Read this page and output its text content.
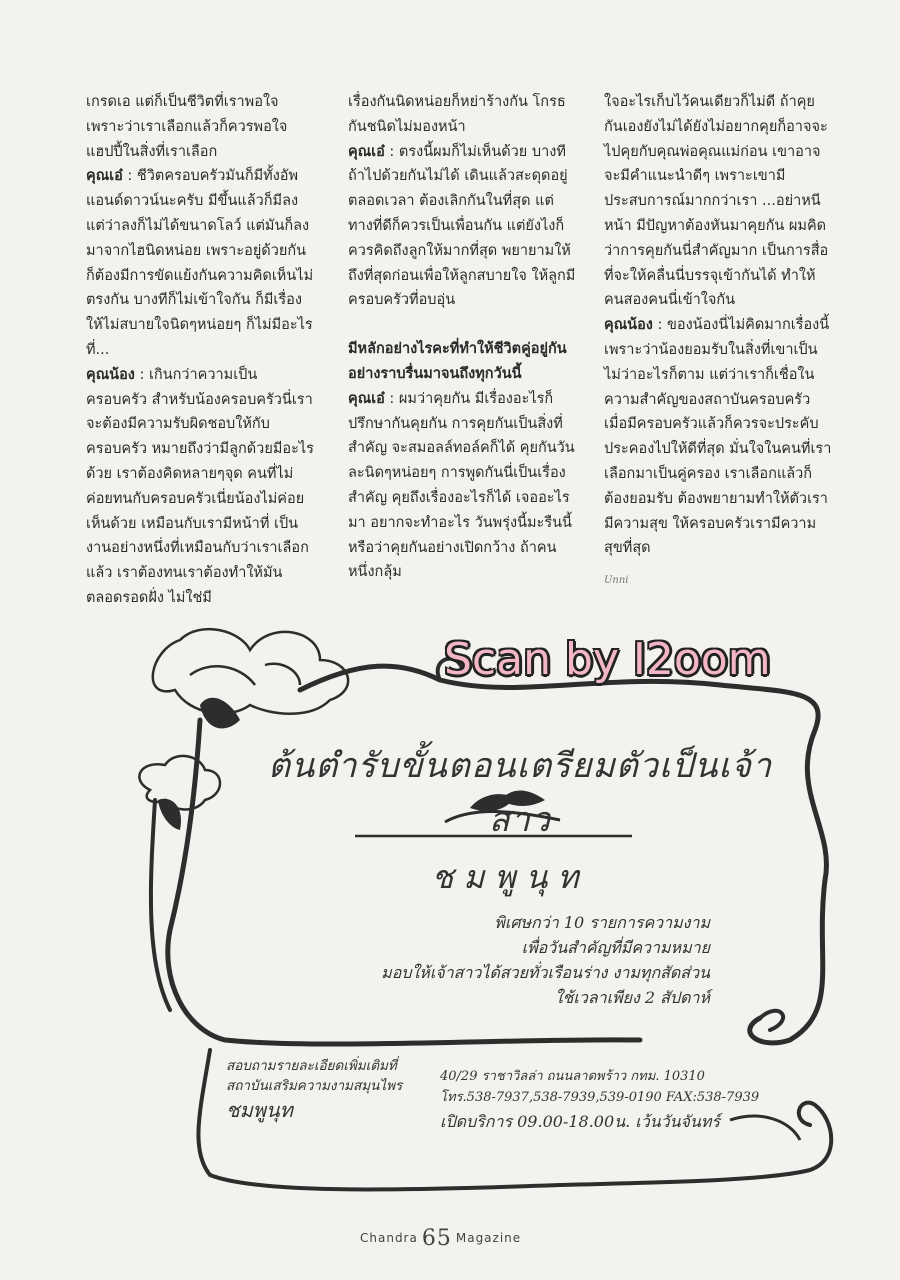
เกรดเอ แต่ก็เป็นชีวิตที่เราพอใจ เพราะว่าเราเลือกแล้วก็ควรพอใจ แฮปปี้ในสิ่งที่เราเลือก

คุณเอ๋ : ชีวิตครอบครัวมันก็มีทั้งอัพแอนด์ดาวน์นะครับ มีขึ้นแล้วก็มีลง แต่ว่าลงก็ไม่ได้ขนาดโลว์ แต่มันก็ลงมาจากไฮนิดหน่อย เพราะอยู่ด้วยกันก็ต้องมีการขัดแย้งกันความคิดเห็นไม่ตรงกัน บางทีก็ไม่เข้าใจกัน ก็มีเรื่องให้ไม่สบายใจนิดๆหน่อยๆ ก็ไม่มีอะไรที่...

คุณน้อง : เกินกว่าความเป็นครอบครัว สำหรับน้องครอบครัวนี่เราจะต้องมีความรับผิดชอบให้กับครอบครัว หมายถึงว่ามีลูกด้วยมีอะไรด้วย เราต้องคิดหลายๆจุด คนที่ไม่ค่อยทนกับครอบครัวเนี่ยน้องไม่ค่อยเห็นด้วย เหมือนกับเรามีหน้าที่ เป็นงานอย่างหนึ่งที่เหมือนกับว่าเราเลือกแล้ว เราต้องทนเราต้องทำให้มันตลอดรอดฝั่ง ไม่ใช่มี

เรื่องกันนิดหน่อยก็หย่าร้างกัน โกรธกันชนิดไม่มองหน้า

คุณเอ๋ : ตรงนี้ผมก็ไม่เห็นด้วย บางทีถ้าไปด้วยกันไม่ได้ เดินแล้วสะดุดอยู่ตลอดเวลา ต้องเลิกกันในที่สุด แต่ทางที่ดีก็ควรเป็นเพื่อนกัน แต่ยังไงก็ควรคิดถึงลูกให้มากที่สุด พยายามให้ถึงที่สุดก่อนเพื่อให้ลูกสบายใจ ให้ลูกมีครอบครัวที่อบอุ่น

มีหลักอย่างไรคะที่ทำให้ชีวิตคู่อยู่กันอย่างราบรื่นมาจนถึงทุกวันนี้

คุณเอ๋ : ผมว่าคุยกัน มีเรื่องอะไรก็ปรึกษากันคุยกัน การคุยกันเป็นสิ่งที่สำคัญ จะสมอลล์ทอล์คก็ได้ คุยกันวันละนิดๆหน่อยๆ การพูดกันนี่เป็นเรื่องสำคัญ คุยถึงเรื่องอะไรก็ได้ เจออะไรมา อยากจะทำอะไร วันพรุ่งนี้มะรืนนี้หรือว่าคุยกันอย่างเปิดกว้าง ถ้าคนหนึ่งกลุ้ม

ใจอะไรเก็บไว้คนเดียวก็ไม่ดี ถ้าคุยกันเองยังไม่ได้ยังไม่อยากคุยก็อาจจะไปคุยกับคุณพ่อคุณแม่ก่อน เขาอาจจะมีคำแนะนำดีๆ เพราะเขามีประสบการณ์มากกว่าเรา ...อย่าหนีหน้า มีปัญหาต้องหันมาคุยกัน ผมคิดว่าการคุยกันนี่สำคัญมาก เป็นการสื่อที่จะให้คลื่นนี่บรรจุเข้ากันได้ ทำให้คนสองคนนี่เข้าใจกัน

คุณน้อง : ของน้องนี่ไม่คิดมากเรื่องนี้ เพราะว่าน้องยอมรับในสิ่งที่เขาเป็นไม่ว่าอะไรก็ตาม แต่ว่าเราก็เชื่อในความสำคัญของสถาบันครอบครัว เมื่อมีครอบครัวแล้วก็ควรจะประคับประคองไปให้ดีที่สุด มั่นใจในคนที่เราเลือกมาเป็นคู่ครอง เราเลือกแล้วก็ต้องยอมรับ ต้องพยายามทำให้ตัวเรามีความสุข ให้ครอบครัวเรามีความสุขที่สุด

Unni
Scan by I2oom
ต้นตำรับขั้นตอนเตรียมตัวเป็นเจ้าสาว
ชมพูนุท
พิเศษกว่า 10 รายการความงาม
เพื่อวันสำคัญที่มีความหมาย
มอบให้เจ้าสาวได้สวยทั่วเรือนร่าง งามทุกสัดส่วน
ใช้เวลาเพียง 2 สัปดาห์
สอบถามรายละเอียดเพิ่มเติมที่
สถาบันเสริมความงามสมุนไพร
ชมพูนุท
40/29 ราชาวิลล่า ถนนลาดพร้าว กทม. 10310
โทร.538-7937,538-7939,539-0190 FAX:538-7939
เปิดบริการ 09.00-18.00น. เว้นวันจันทร์
Chandra 65 Magazine
